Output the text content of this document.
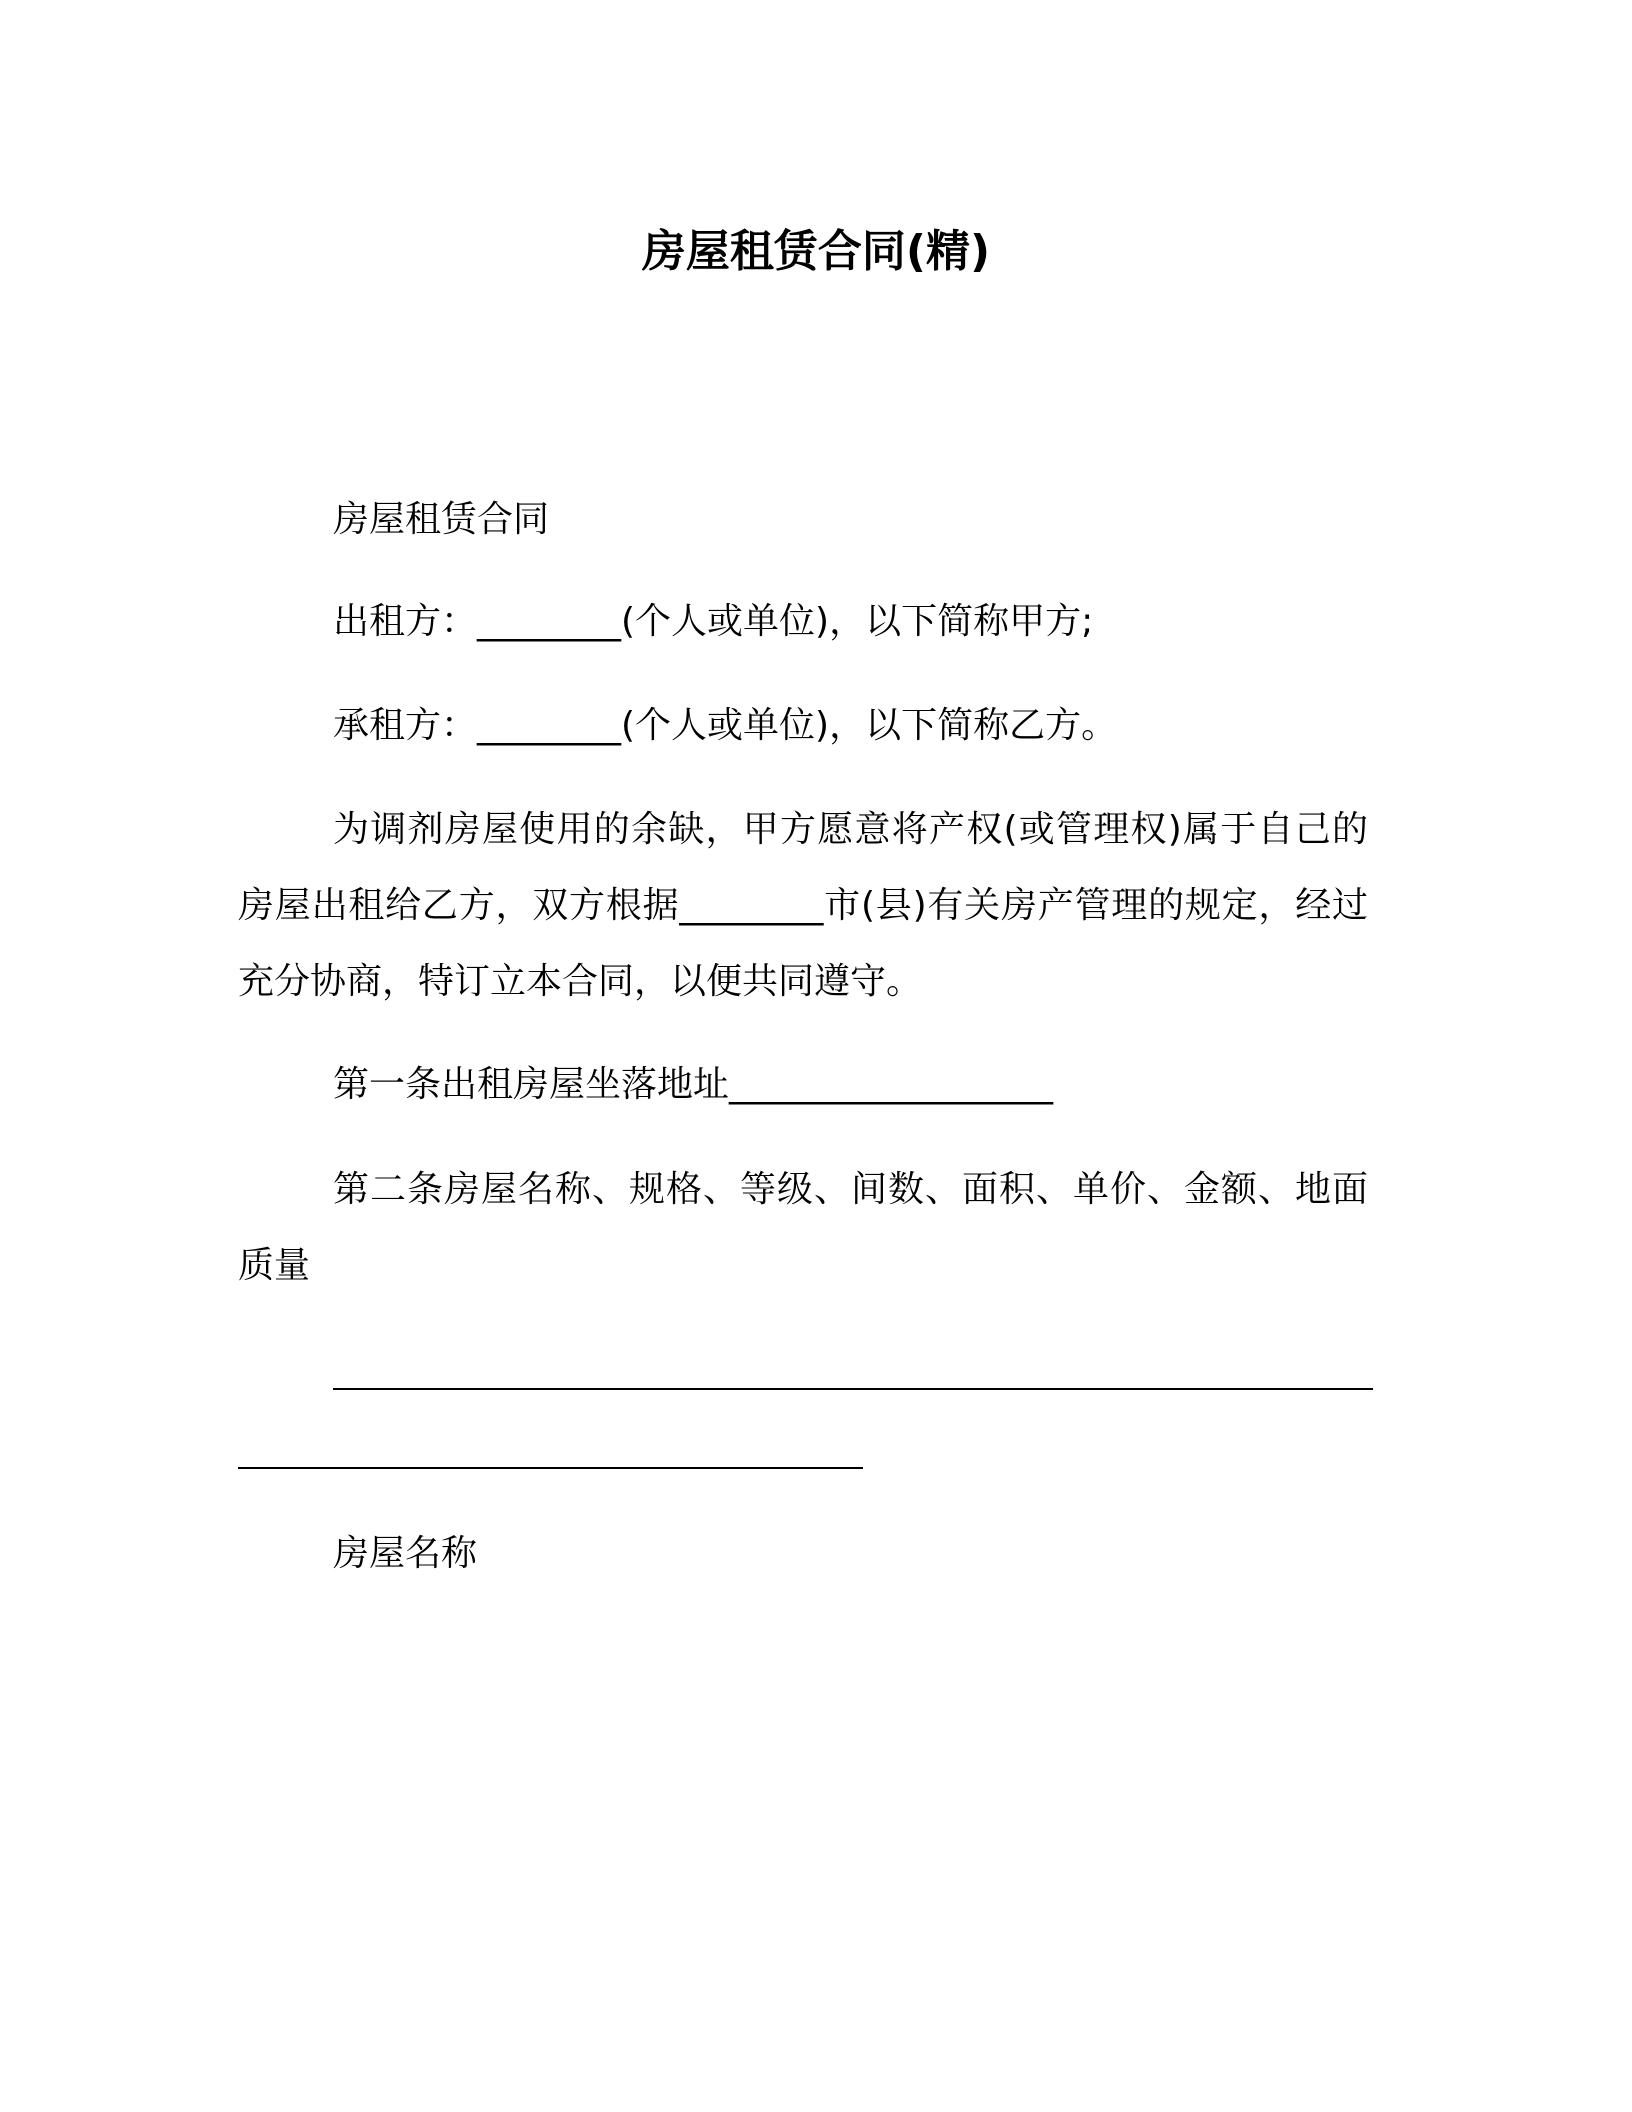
房屋租赁合同(精)

房屋租赁合同

出租方：________(个人或单位)，以下简称甲方;

承租方：________(个人或单位)，以下简称乙方。

为调剂房屋使用的余缺，甲方愿意将产权(或管理权)属于自己的房屋出租给乙方，双方根据________市(县)有关房产管理的规定，经过充分协商，特订立本合同，以便共同遵守。

第一条出租房屋坐落地址__________________

第二条房屋名称、规格、等级、间数、面积、单价、金额、地面质量

房屋名称
